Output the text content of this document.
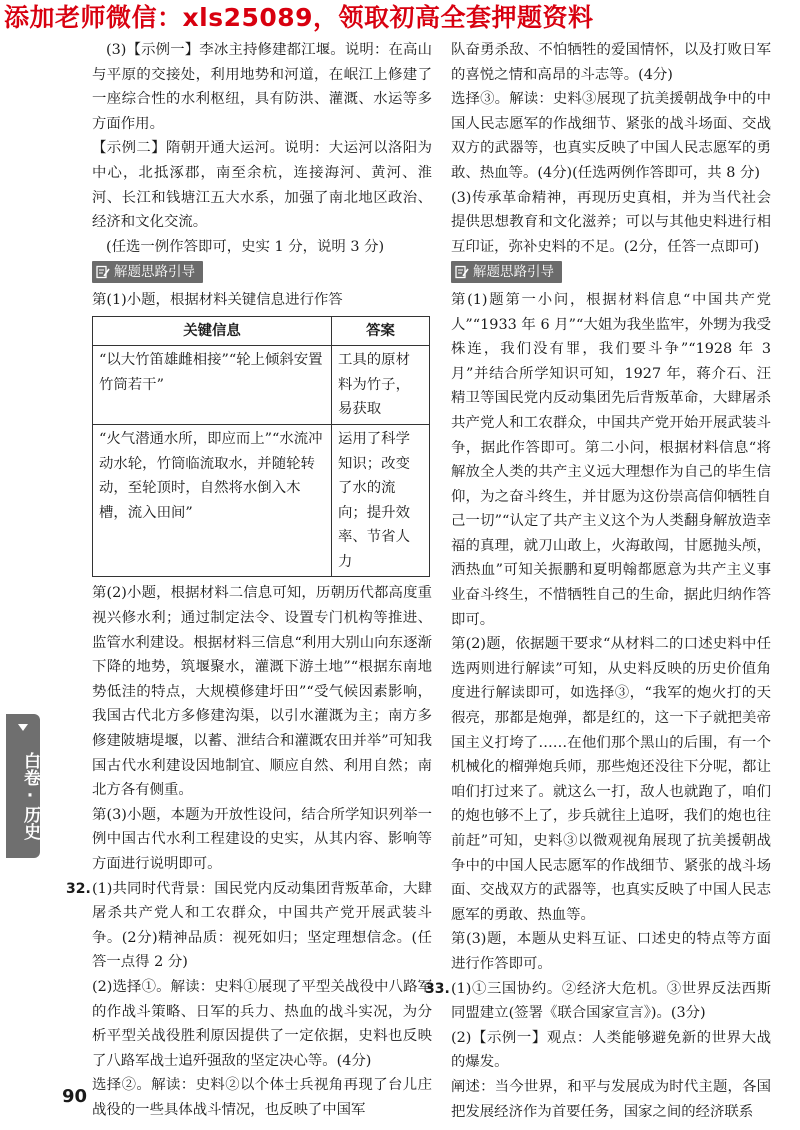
添加老师微信：xls25089，领取初高全套押题资料

(3)【示例一】李冰主持修建都江堰。说明：在高山与平原的交接处，利用地势和河道，在岷江上修建了一座综合性的水利枢纽，具有防洪、灌溉、水运等多方面作用。

【示例二】隋朝开通大运河。说明：大运河以洛阳为中心，北抵涿郡，南至余杭，连接海河、黄河、淮河、长江和钱塘江五大水系，加强了南北地区政治、经济和文化交流。

(任选一例作答即可，史实 1 分，说明 3 分)

解题思路引导

第(1)小题，根据材料关键信息进行作答

关键信息	答案
“以大竹笛雄雌相接”“轮上倾斜安置竹筒若干”	工具的原材料为竹子，易获取
“火气潜通水所，即应而上”“水流冲动水轮，竹筒临流取水，并随轮转动，至轮顶时，自然将水倒入木槽，流入田间”	运用了科学知识；改变了水的流向；提升效率、节省人力

第(2)小题，根据材料二信息可知，历朝历代都高度重视兴修水利；通过制定法令、设置专门机构等推进、监管水利建设。根据材料三信息“利用大别山向东逐渐下降的地势，筑堰聚水，灌溉下游土地”“根据东南地势低洼的特点，大规模修建圩田”“受气候因素影响，我国古代北方多修建沟渠，以引水灌溉为主；南方多修建陂塘堤堰，以蓄、泄结合和灌溉农田并举”可知我国古代水利建设因地制宜、顺应自然、利用自然；南北方各有侧重。

第(3)小题，本题为开放性设问，结合所学知识列举一例中国古代水利工程建设的史实，从其内容、影响等方面进行说明即可。

32.(1)共同时代背景：国民党内反动集团背叛革命，大肆屠杀共产党人和工农群众，中国共产党开展武装斗争。(2分)精神品质：视死如归；坚定理想信念。(任答一点得 2 分)

(2)选择①。解读：史料①展现了平型关战役中八路军的作战斗策略、日军的兵力、热血的战斗实况，为分析平型关战役胜利原因提供了一定依据，史料也反映了八路军战士追歼强敌的坚定决心等。(4分)

选择②。解读：史料②以个体士兵视角再现了台儿庄战役的一些具体战斗情况，也反映了中国军

队奋勇杀敌、不怕牺牲的爱国情怀，以及打败日军的喜悦之情和高昂的斗志等。(4分)

选择③。解读：史料③展现了抗美援朝战争中的中国人民志愿军的作战细节、紧张的战斗场面、交战双方的武器等，也真实反映了中国人民志愿军的勇敢、热血等。(4分)(任选两例作答即可，共 8 分)

(3)传承革命精神，再现历史真相，并为当代社会提供思想教育和文化滋养；可以与其他史料进行相互印证，弥补史料的不足。(2分，任答一点即可)

解题思路引导

第(1)题第一小问，根据材料信息“中国共产党人”“1933 年 6 月”“大姐为我坐监牢，外甥为我受株连，我们没有罪，我们要斗争”“1928 年 3 月”并结合所学知识可知，1927 年，蒋介石、汪精卫等国民党内反动集团先后背叛革命，大肆屠杀共产党人和工农群众，中国共产党开始开展武装斗争，据此作答即可。第二小问，根据材料信息“将解放全人类的共产主义远大理想作为自己的毕生信仰，为之奋斗终生，并甘愿为这份崇高信仰牺牲自己一切”“认定了共产主义这个为人类翻身解放造幸福的真理，就刀山敢上，火海敢闯，甘愿抛头颅，洒热血”可知关振鹏和夏明翰都愿意为共产主义事业奋斗终生，不惜牺牲自己的生命，据此归纳作答即可。

第(2)题，依据题干要求“从材料二的口述史料中任选两则进行解读”可知，从史料反映的历史价值角度进行解读即可，如选择③，“我军的炮火打的天徦亮，那都是炮弹，都是红的，这一下子就把美帝国主义打垮了……在他们那个黑山的后围，有一个机械化的榴弹炮兵师，那些炮还没往下分呢，都让咱们打过来了。就这么一打，敌人也就跑了，咱们的炮也够不上了，步兵就往上追呀，我们的炮也往前赶”可知，史料③以微观视角展现了抗美援朝战争中的中国人民志愿军的作战细节、紧张的战斗场面、交战双方的武器等，也真实反映了中国人民志愿军的勇敢、热血等。

第(3)题，本题从史料互证、口述史的特点等方面进行作答即可。

33.(1)①三国协约。②经济大危机。③世界反法西斯同盟建立(签署《联合国家宣言》)。(3分)

(2)【示例一】观点：人类能够避免新的世界大战的爆发。

阐述：当今世界，和平与发展成为时代主题，各国把发展经济作为首要任务，国家之间的经济联系

白卷·历史
90
